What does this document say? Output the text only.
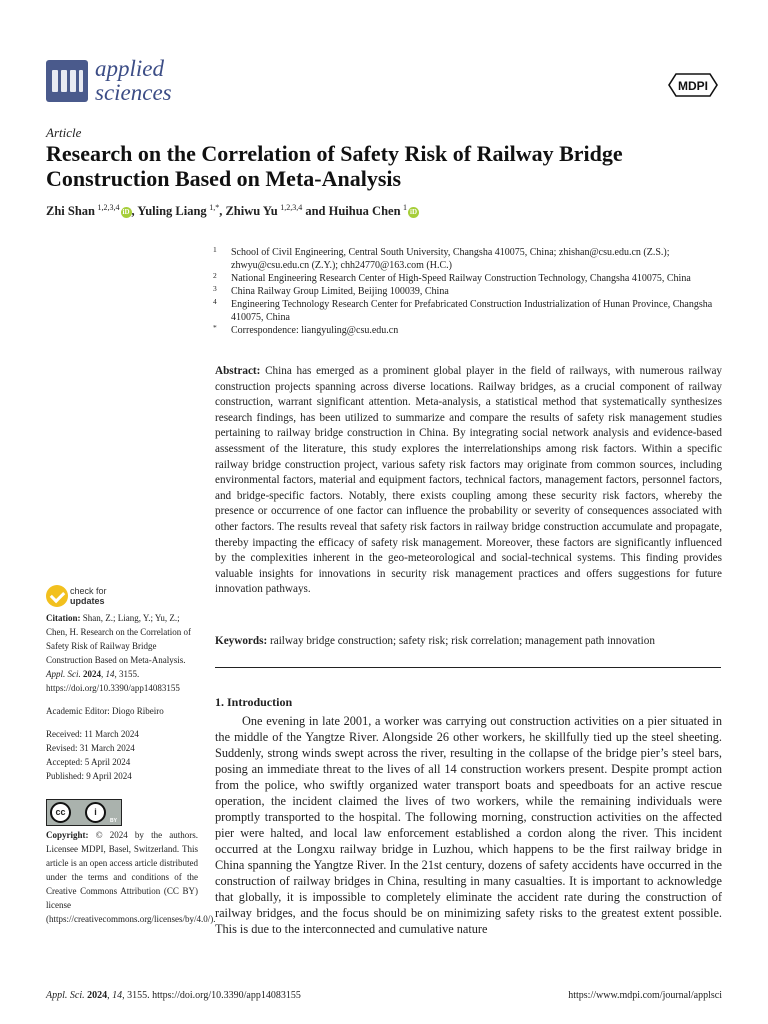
applied
sciences	MDPI
Article
Research on the Correlation of Safety Risk of Railway Bridge Construction Based on Meta-Analysis
Zhi Shan  $^{1,2,3,4}$ iD , Yuling Liang  $^{1,*}$, Zhiwu Yu  $^{1,2,3,4}$ and Huihua Chen  $^1$ iD

1 School of Civil Engineering, Central South University, Changsha 410075, China; zhishan@csu.edu.cn (Z.S.); zhwyu@csu.edu.cn (Z.Y.); chh24770@163.com (H.C.)

2 National Engineering Research Center of High-Speed Railway Construction Technology, Changsha 410075, China

3 China Railway Group Limited, Beijing 100039, China

4 Engineering Technology Research Center for Prefabricated Construction Industrialization of Hunan Province, Changsha 410075, China

* Correspondence: liangyuling@csu.edu.cn

Abstract: China has emerged as a prominent global player in the field of railways, with numerous railway construction projects spanning across diverse locations. Railway bridges, as a crucial component of railway construction, warrant significant attention. Meta-analysis, a statistical method that systematically synthesizes research findings, has been utilized to summarize and compare the results of safety risk management studies pertaining to railway bridge construction in China. By integrating social network analysis and evidence-based assessment of the literature, this study explores the interrelationships among risk factors. Within a specific railway bridge construction project, various safety risk factors may originate from common sources, including environmental factors, material and equipment factors, technical factors, management factors, personnel factors, and bridge-specific factors. Notably, there exists coupling among these security risk factors, whereby the presence or occurrence of one factor can influence the probability or severity of consequences associated with other factors. The results reveal that safety risk factors in railway bridge construction accumulate and propagate, thereby impacting the efficacy of safety risk management. Moreover, these factors are significantly influenced by the complexities inherent in the geo-meteorological and social-technical systems. This finding provides valuable insights for innovations in security risk management practices and offers suggestions for future innovation pathways.
Keywords: railway bridge construction; safety risk; risk correlation; management path innovation
1. Introduction
One evening in late 2001, a worker was carrying out construction activities on a pier situated in the middle of the Yangtze River. Alongside 26 other workers, he skillfully tied up the steel sheeting. Suddenly, strong winds swept across the river, resulting in the collapse of the bridge pier’s steel bars, posing an immediate threat to the lives of all 14 construction workers present. Despite prompt action from the police, who swiftly organized water transport boats and speedboats for an active rescue operation, the incident claimed the lives of two workers, while the remaining individuals were promptly transported to the hospital. The following morning, construction activities on the affected pier were halted, and local law enforcement established a cordon along the river. This incident occurred at the Longxu railway bridge in Luzhou, which happens to be the first railway bridge in China spanning the Yangtze River. In the 21st century, dozens of safety accidents have occurred in the construction of railway bridges in China, resulting in many casualties. It is important to acknowledge that globally, it is impossible to completely eliminate the accident rate during the construction of railway bridges, and the focus should be on minimizing safety risks to the greatest extent possible. This is due to the interconnected and cumulative nature
check for
updates
Citation: Shan, Z.; Liang, Y.; Yu, Z.; Chen, H. Research on the Correlation of Safety Risk of Railway Bridge Construction Based on Meta-Analysis. Appl. Sci. 2024, 14, 3155. https://doi.org/10.3390/app14083155
Academic Editor: Diogo Ribeiro
Received: 11 March 2024
Revised: 31 March 2024
Accepted: 5 April 2024
Published: 9 April 2024
cc	i
BY
Copyright: © 2024 by the authors. Licensee MDPI, Basel, Switzerland. This article is an open access article distributed under the terms and conditions of the Creative Commons Attribution (CC BY) license (https://creativecommons.org/licenses/by/4.0/).
Appl. Sci. 2024, 14, 3155. https://doi.org/10.3390/app14083155	https://www.mdpi.com/journal/applsci
